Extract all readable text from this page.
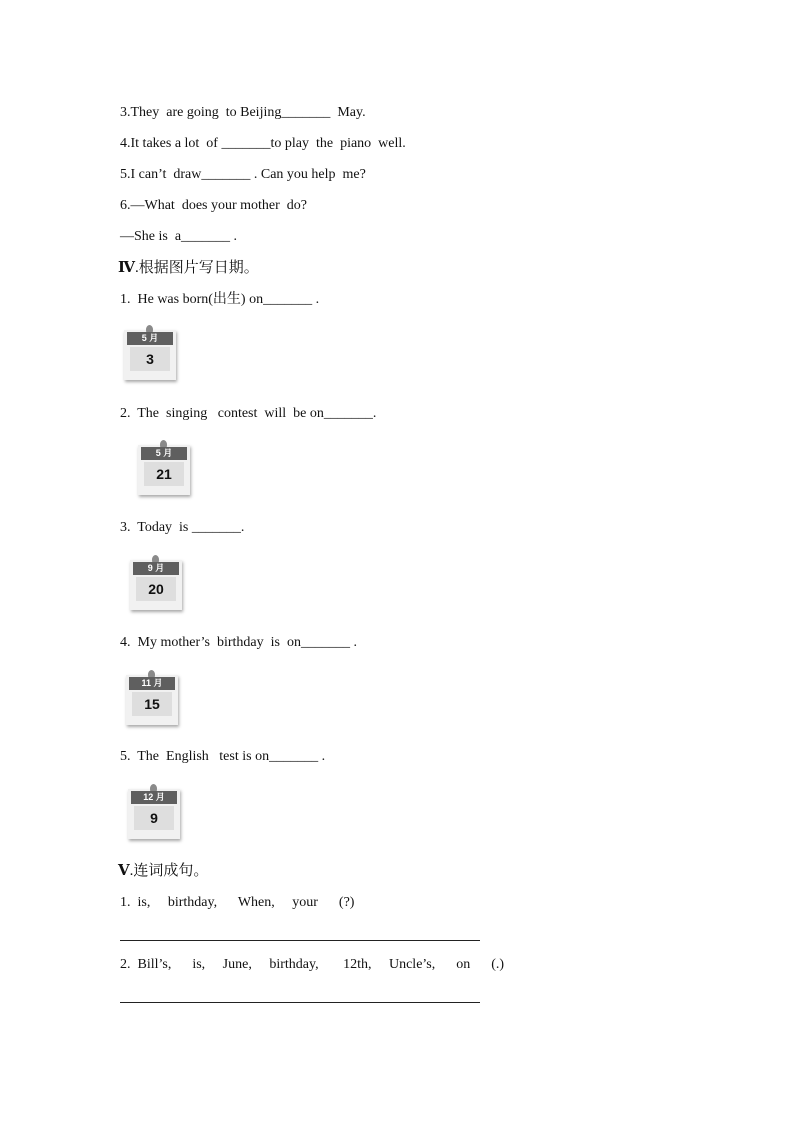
3.They  are going  to Beijing_______  May.
4.It takes a lot  of _______to play  the  piano  well.
5.I can’t  draw_______ . Can you help  me?
6.—What  does your mother  do?
—She is  a_______ .
Ⅳ.根据图片写日期。
1.  He was born(出生) on_______ .
5 月
3
2.  The  singing   contest  will  be on_______.
5 月
21
3.  Today  is _______.
9 月
20
4.  My mother’s  birthday  is  on_______ .
11 月
15
5.  The  English   test is on_______ .
12 月
9
Ⅴ.连词成句。
1.  is,     birthday,      When,     your      (?)
2.  Bill’s,      is,     June,     birthday,       12th,     Uncle’s,      on      (.)
